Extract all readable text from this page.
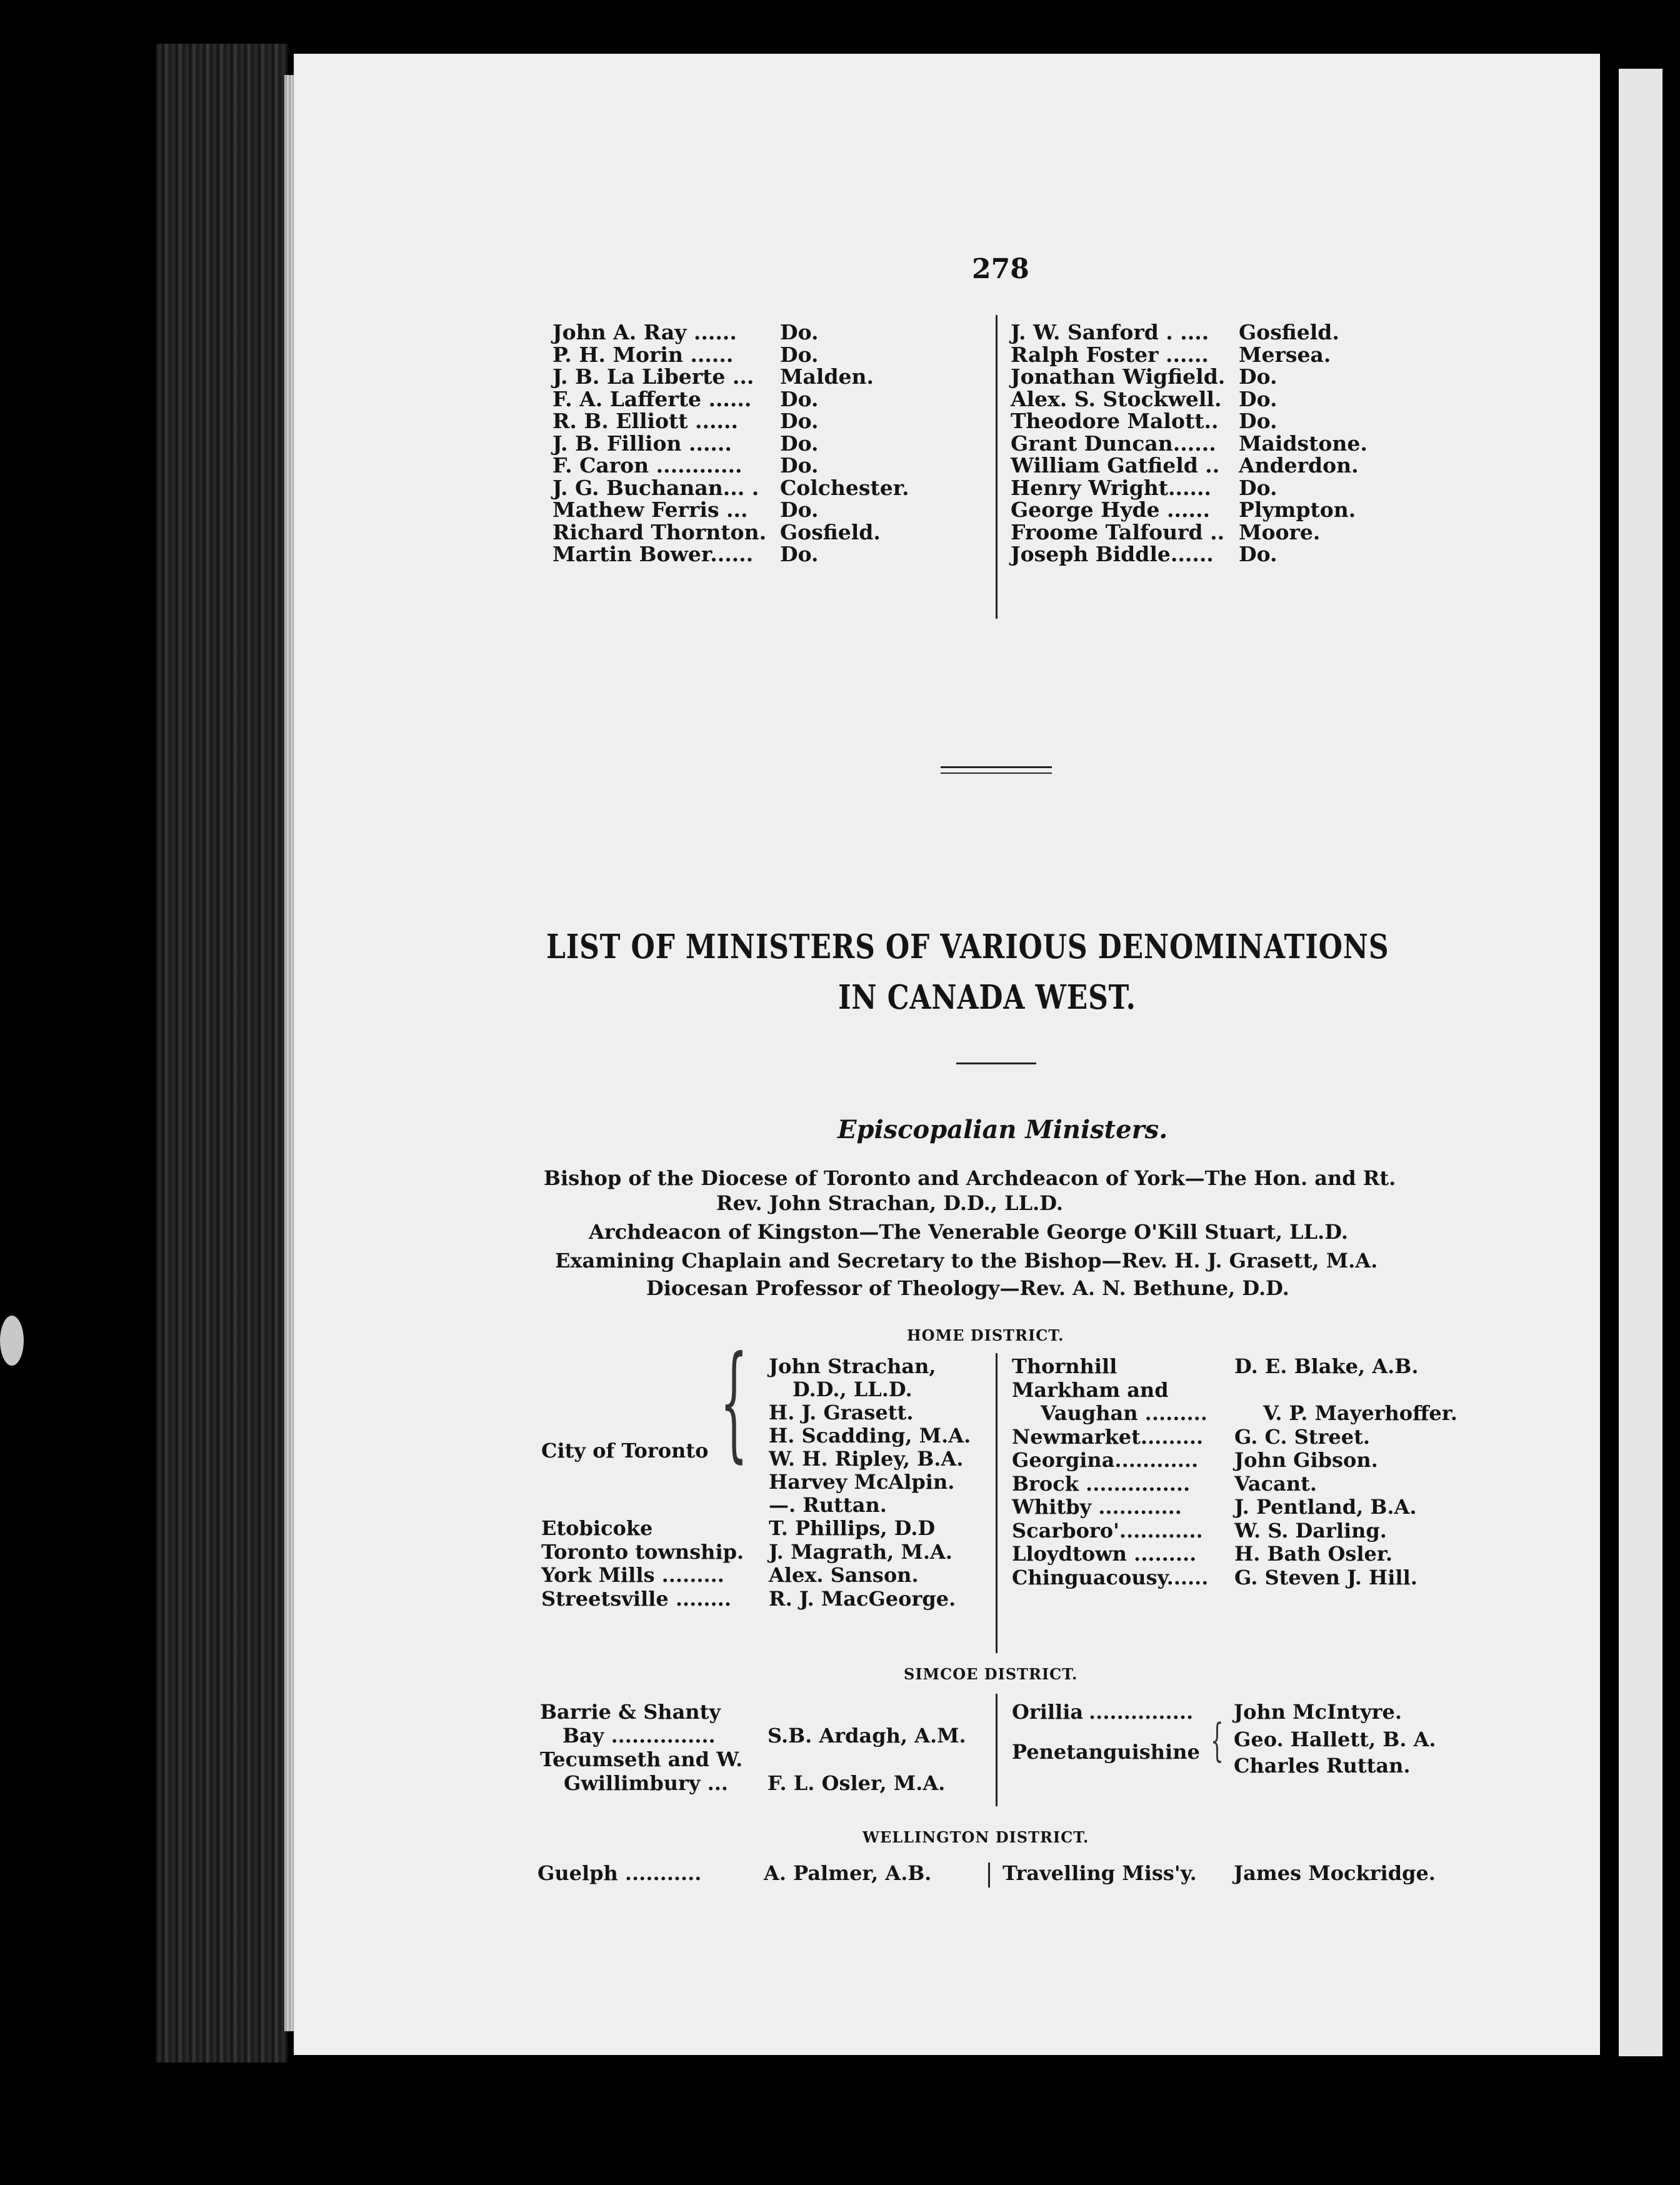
278
John A. Ray ......	Do.
P. H. Morin ......	Do.
J. B. La Liberte ...	Malden.
F. A. Lafferte ......	Do.
R. B. Elliott ......	Do.
J. B. Fillion ......	Do.
F. Caron ............	Do.
J. G. Buchanan... .	Colchester.
Mathew Ferris ...	Do.
Richard Thornton. Gosfield.
Martin Bower......	Do.
J. W. Sanford . ....	Gosfield.
Ralph Foster ......	Mersea.
Jonathan Wigfield. Do.
Alex. S. Stockwell. Do.
Theodore Malott.. Do.
Grant Duncan......	Maidstone.
William Gatfield .. Anderdon.
Henry Wright......	Do.
George Hyde ......	Plympton.
Froome Talfourd .. Moore.
Joseph Biddle......	Do.
LIST OF MINISTERS OF VARIOUS DENOMINATIONS
IN CANADA WEST.
Episcopalian Ministers.
Bishop of the Diocese of Toronto and Archdeacon of York—The Hon. and Rt.
Rev. John Strachan, D.D., LL.D.
Archdeacon of Kingston—The Venerable George O'Kill Stuart, LL.D.
Examining Chaplain and Secretary to the Bishop—Rev. H. J. Grasett, M.A.
Diocesan Professor of Theology—Rev. A. N. Bethune, D.D.
HOME DISTRICT.
City of Toronto { John Strachan,
D.D., LL.D.
H. J. Grasett.
H. Scadding, M.A.
W. H. Ripley, B.A.
Harvey McAlpin.
—. Ruttan.
Etobicoke	T. Phillips, D.D
Toronto township.	J. Magrath, M.A.
York Mills .........	Alex. Sanson.
Streetsville ........	R. J. MacGeorge.
Thornhill	D. E. Blake, A.B.
Markham and
Vaughan .........	V. P. Mayerhoffer.
Newmarket.........	G. C. Street.
Georgina............	John Gibson.
Brock ...............	Vacant.
Whitby ............	J. Pentland, B.A.
Scarboro'............	W. S. Darling.
Lloydtown .........	H. Bath Osler.
Chinguacousy......	G. Steven J. Hill.
SIMCOE DISTRICT.
Barrie & Shanty
Bay ...............	S.B. Ardagh, A.M.
Tecumseth and W.
Gwillimbury ...	F. L. Osler, M.A.
Orillia ............... John McIntyre.
Penetanguishine { Geo. Hallett, B. A.
Charles Ruttan.
WELLINGTON DISTRICT.
Guelph ...........	A. Palmer, A.B.	Travelling Miss'y. James Mockridge.
